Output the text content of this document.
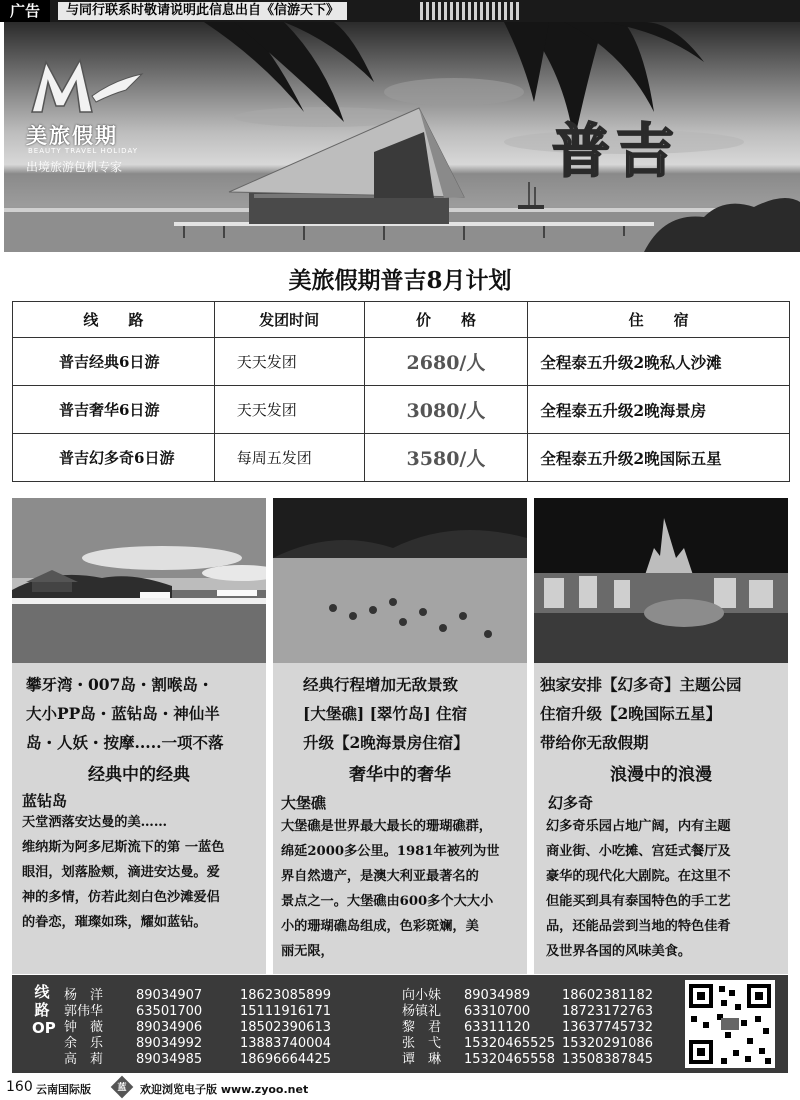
广告	与同行联系时敬请说明此信息出自《信游天下》
美旅假期
BEAUTY TRAVEL HOLIDAY
出境旅游包机专家	普吉
美旅假期普吉8月计划
线　　路	发团时间	价　　格	住　　宿
普吉经典6日游	天天发团	2680/人	全程泰五升级2晚私人沙滩
普吉奢华6日游	天天发团	3080/人	全程泰五升级2晚海景房
普吉幻多奇6日游	每周五发团	3580/人	全程泰五升级2晚国际五星
攀牙湾・007岛・割喉岛・
大小PP岛・蓝钻岛・神仙半
岛・人妖・按摩.....一项不落
经典中的经典
蓝钻岛
天堂洒落安达曼的美……
维纳斯为阿多尼斯流下的第 一蓝色
眼泪，划落脸颊，滴进安达曼。爱
神的多情，仿若此刻白色沙滩爱侣
的眷恋，璀璨如珠，耀如蓝钻。
经典行程增加无敌景致
[大堡礁] [翠竹岛] 住宿
升级【2晚海景房住宿】
奢华中的奢华
大堡礁
大堡礁是世界最大最长的珊瑚礁群，
绵延2000多公里。1981年被列为世
界自然遗产，是澳大利亚最著名的
景点之一。大堡礁由600多个大大小
小的珊瑚礁岛组成，色彩斑斓，美
丽无限，
独家安排【幻多奇】主题公园
住宿升级【2晚国际五星】
带给你无敌假期
浪漫中的浪漫
幻多奇
幻多奇乐园占地广阔，内有主题
商业街、小吃摊、宫廷式餐厅及
豪华的现代化大剧院。在这里不
但能买到具有泰国特色的手工艺
品，还能品尝到当地的特色佳肴
及世界各国的风味美食。
线路OP
杨　洋	89034907	18623085899
郭伟华	63501700	15111916171
钟　薇	89034906	18502390613
余　乐	89034992	13883740004
高　莉	89034985	18696664425
向小妹	89034989 18602381182
杨镇礼	63310700 18723172763
黎　君	63311120 13637745732
张　弋	15320465525 15320291086
谭　琳	15320465558 13508387845
160 云南国际版	蓝 欢迎浏览电子版 www.zyoo.net
